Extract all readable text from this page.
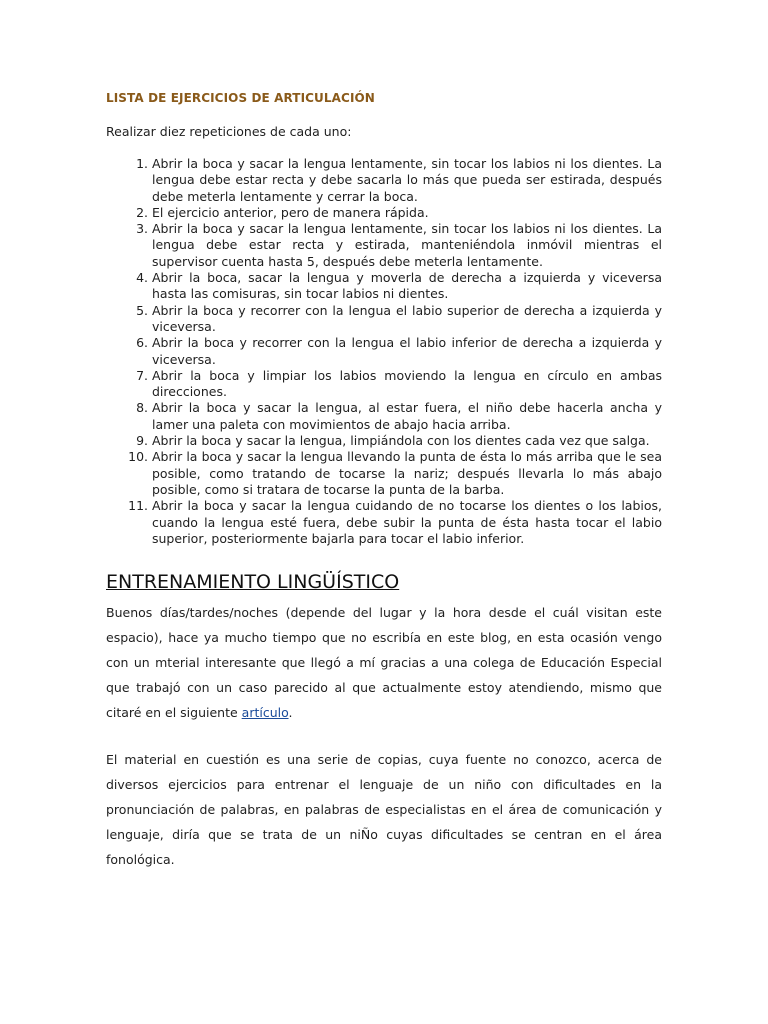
LISTA DE EJERCICIOS DE ARTICULACIÓN
Realizar diez repeticiones de cada uno:
1. Abrir la boca y sacar la lengua lentamente, sin tocar los labios ni los dientes. La lengua debe estar recta y debe sacarla lo más que pueda ser estirada, después debe meterla lentamente y cerrar la boca.
2. El ejercicio anterior, pero de manera rápida.
3. Abrir la boca y sacar la lengua lentamente, sin tocar los labios ni los dientes. La lengua debe estar recta y estirada, manteniéndola inmóvil mientras el supervisor cuenta hasta 5, después debe meterla lentamente.
4. Abrir la boca, sacar la lengua y moverla de derecha a izquierda y viceversa hasta las comisuras, sin tocar labios ni dientes.
5. Abrir la boca y recorrer con la lengua el labio superior de derecha a izquierda y viceversa.
6. Abrir la boca y recorrer con la lengua el labio inferior de derecha a izquierda y viceversa.
7. Abrir la boca y limpiar los labios moviendo la lengua en círculo en ambas direcciones.
8. Abrir la boca y sacar la lengua, al estar fuera, el niño debe hacerla ancha y lamer una paleta con movimientos de abajo hacia arriba.
9. Abrir la boca y sacar la lengua, limpiándola con los dientes cada vez que salga.
10. Abrir la boca y sacar la lengua llevando la punta de ésta lo más arriba que le sea posible, como tratando de tocarse la nariz; después llevarla lo más abajo posible, como si tratara de tocarse la punta de la barba.
11. Abrir la boca y sacar la lengua cuidando de no tocarse los dientes o los labios, cuando la lengua esté fuera, debe subir la punta de ésta hasta tocar el labio superior, posteriormente bajarla para tocar el labio inferior.
ENTRENAMIENTO LINGÜÍSTICO

Buenos días/tardes/noches (depende del lugar y la hora desde el cuál visitan este espacio), hace ya mucho tiempo que no escribía en este blog, en esta ocasión vengo con un mterial interesante que llegó a mí gracias a una colega de Educación Especial que trabajó con un caso parecido al que actualmente estoy atendiendo, mismo que citaré en el siguiente artículo.

El material en cuestión es una serie de copias, cuya fuente no conozco, acerca de diversos ejercicios para entrenar el lenguaje de un niño con dificultades en la pronunciación de palabras, en palabras de especialistas en el área de comunicación y lenguaje, diría que se trata de un niÑo cuyas dificultades se centran en el área fonológica.
